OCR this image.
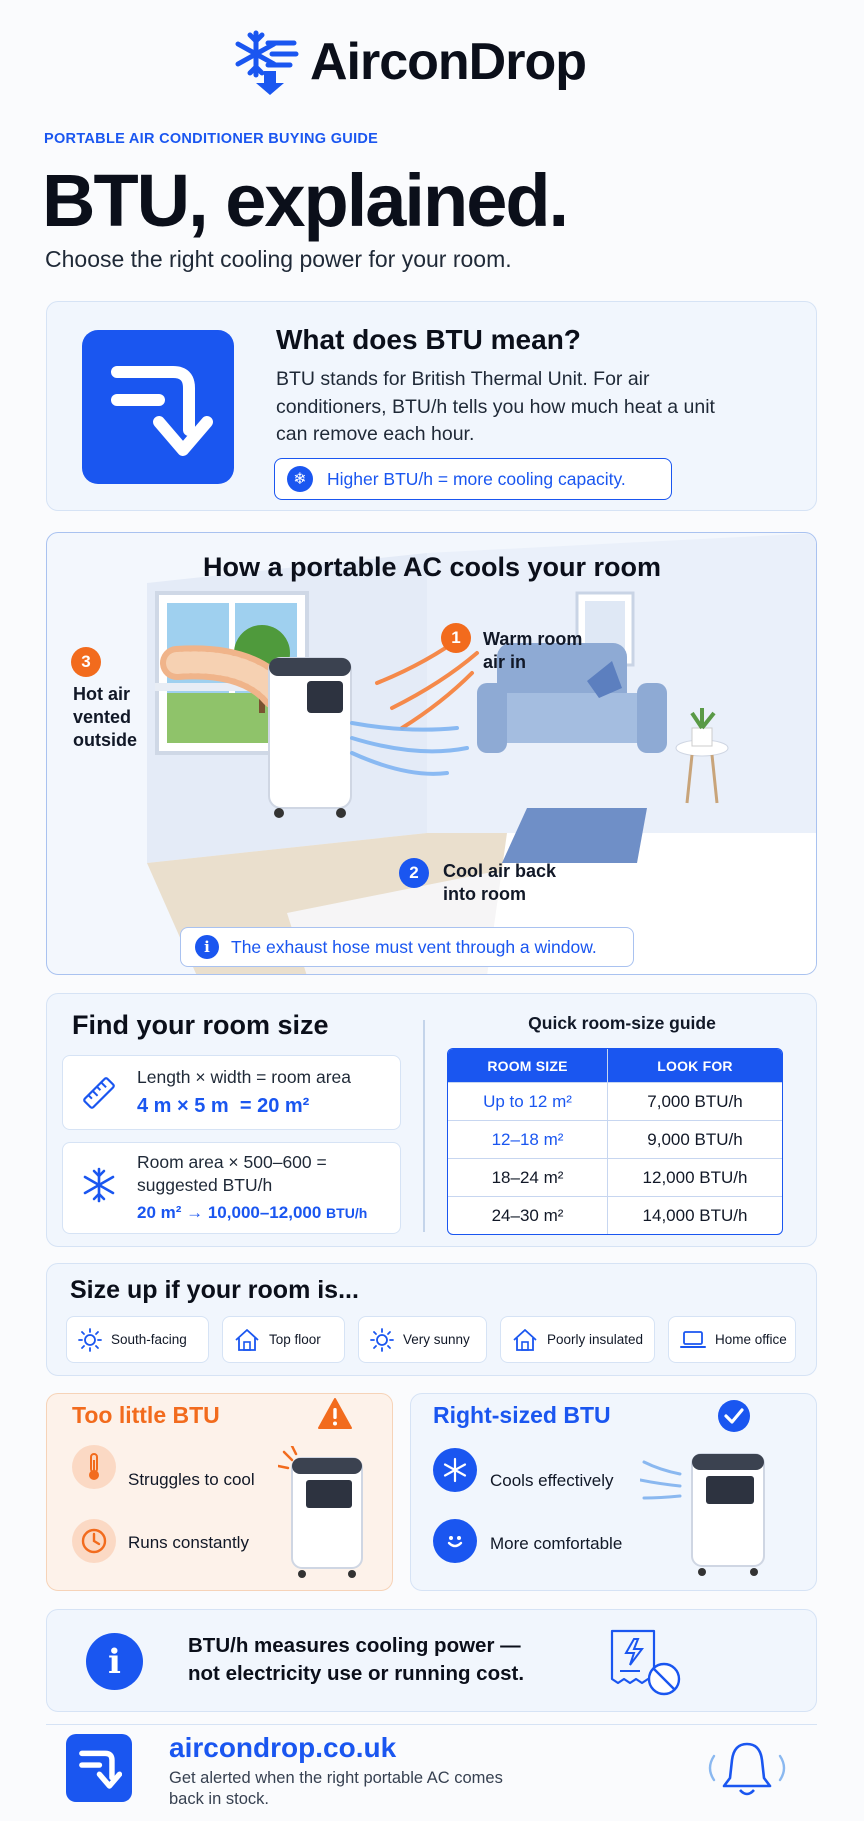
AirconDrop
PORTABLE AIR CONDITIONER BUYING GUIDE
BTU, explained.
Choose the right cooling power for your room.
What does BTU mean?
BTU stands for British Thermal Unit. For air conditioners, BTU/h tells you how much heat a unit can remove each hour.
❄	Higher BTU/h = more cooling capacity.
How a portable AC cools your room
1	Warm room air in
2	Cool air back into room
3
Hot air vented outside
i	The exhaust hose must vent through a window.
Find your room size
Length × width = room area
4 m × 5 m  = 20 m²
Room area × 500–600 = suggested BTU/h
20 m² → 10,000–12,000 BTU/h
Quick room-size guide
ROOM SIZE	LOOK FOR
Up to 12 m²	7,000 BTU/h
12–18 m²	9,000 BTU/h
18–24 m²	12,000 BTU/h
24–30 m²	14,000 BTU/h
Size up if your room is...
South-facing	Top floor	Very sunny	Poorly insulated	Home office
Too little BTU
Struggles to cool
Runs constantly
Right-sized BTU
Cools effectively
More comfortable
i	BTU/h measures cooling power —
not electricity use or running cost.
aircondrop.co.uk
Get alerted when the right portable AC comes back in stock.
